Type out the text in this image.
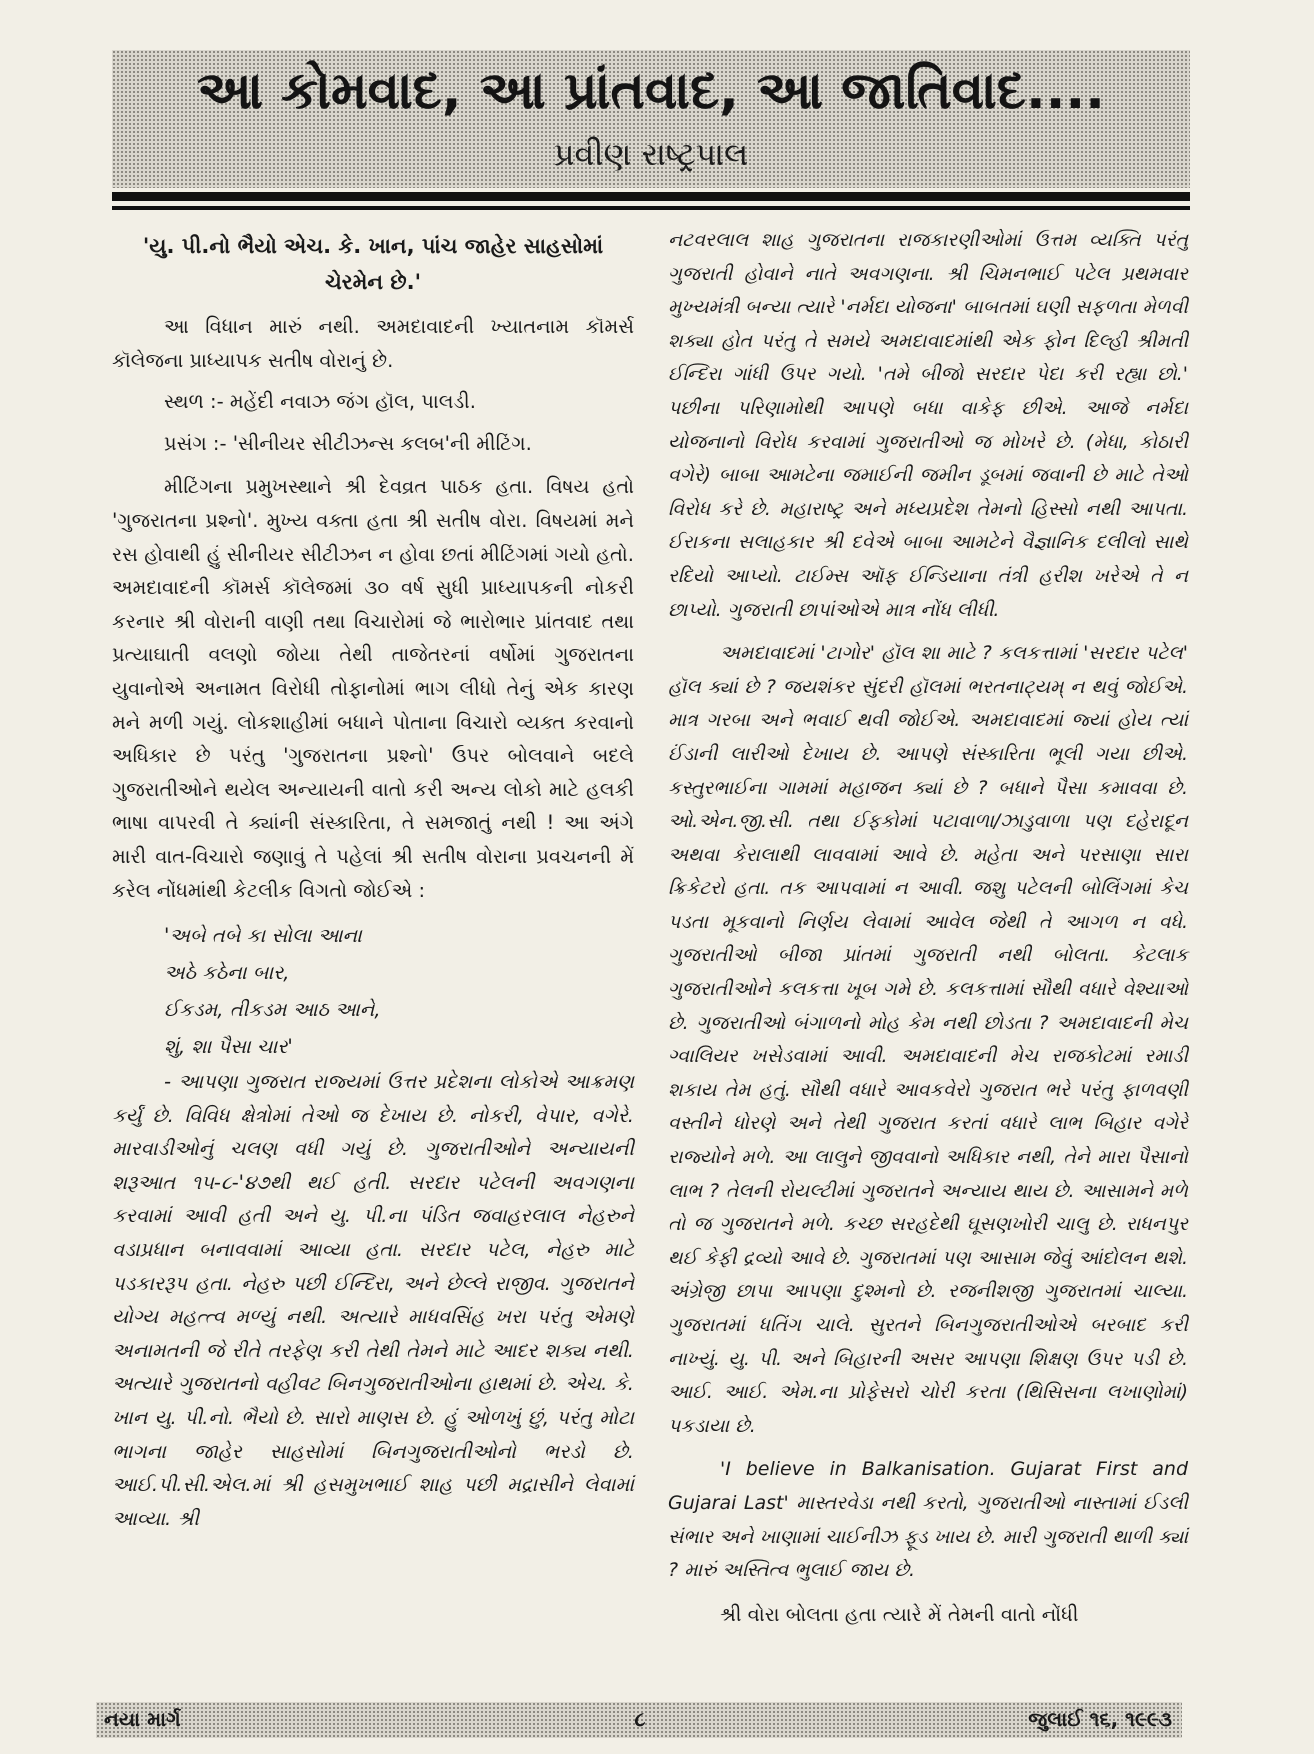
આ કોમવાદ, આ પ્રાંતવાદ, આ જાતિવાદ....
પ્રવીણ રાષ્ટ્રપાલ

'યુ. પી.નો ભૈયો એચ. કે. ખાન, પાંચ જાહેર સાહસોમાં ચેરમેન છે.'

આ વિધાન મારું નથી. અમદાવાદની ખ્યાતનામ કૉમર્સ કૉલેજના પ્રાધ્યાપક સતીષ વોરાનું છે.

સ્થળ :- મહેંદી નવાઝ જંગ હૉલ, પાલડી.

પ્રસંગ :- 'સીનીયર સીટીઝન્સ કલબ'ની મીટિંગ.

મીટિંગના પ્રમુખસ્થાને શ્રી દેવવ્રત પાઠક હતા. વિષય હતો 'ગુજરાતના પ્રશ્નો'. મુખ્ય વક્તા હતા શ્રી સતીષ વોરા. વિષયમાં મને રસ હોવાથી હું સીનીયર સીટીઝન ન હોવા છતાં મીટિંગમાં ગયો હતો. અમદાવાદની કૉમર્સ કૉલેજમાં ૩૦ વર્ષ સુધી પ્રાધ્યાપકની નોકરી કરનાર શ્રી વોરાની વાણી તથા વિચારોમાં જે ભારોભાર પ્રાંતવાદ તથા પ્રત્યાઘાતી વલણો જોયા તેથી તાજેતરનાં વર્ષોમાં ગુજરાતના યુવાનોએ અનામત વિરોધી તોફાનોમાં ભાગ લીધો તેનું એક કારણ મને મળી ગયું. લોકશાહીમાં બધાને પોતાના વિચારો વ્યક્ત કરવાનો અધિકાર છે પરંતુ 'ગુજરાતના પ્રશ્નો' ઉપર બોલવાને બદલે ગુજરાતીઓને થયેલ અન્યાયની વાતો કરી અન્ય લોકો માટે હલકી ભાષા વાપરવી તે ક્યાંની સંસ્કારિતા, તે સમજાતું નથી ! આ અંગે મારી વાત-વિચારો જણાવું તે પહેલાં શ્રી સતીષ વોરાના પ્રવચનની મેં કરેલ નોંધમાંથી કેટલીક વિગતો જોઈએ :

'અબે તબે કા સોલા આના
અઠે કઠેના બાર,
ઈકડમ, તીકડમ આઠ આને,
શું, શા પૈસા ચાર'

- આપણા ગુજરાત રાજ્યમાં ઉત્તર પ્રદેશના લોકોએ આક્રમણ કર્યું છે. વિવિધ ક્ષેત્રોમાં તેઓ જ દેખાય છે. નોકરી, વેપાર, વગેરે. મારવાડીઓનું ચલણ વધી ગયું છે. ગુજરાતીઓને અન્યાયની શરૂઆત ૧૫-૮-'૪૭થી થઈ હતી. સરદાર પટેલની અવગણના કરવામાં આવી હતી અને યુ. પી.ના પંડિત જવાહરલાલ નેહરુને વડાપ્રધાન બનાવવામાં આવ્યા હતા. સરદાર પટેલ, નેહરુ માટે પડકારરૂપ હતા. નેહરુ પછી ઈન્દિરા, અને છેલ્લે રાજીવ. ગુજરાતને યોગ્ય મહત્ત્વ મળ્યું નથી. અત્યારે માધવસિંહ ખરા પરંતુ એમણે અનામતની જે રીતે તરફેણ કરી તેથી તેમને માટે આદર શક્ય નથી. અત્યારે ગુજરાતનો વહીવટ બિનગુજરાતીઓના હાથમાં છે. એચ. કે. ખાન યુ. પી.નો. ભૈયો છે. સારો માણસ છે. હું ઓળખું છું, પરંતુ મોટા ભાગના જાહેર સાહસોમાં બિનગુજરાતીઓનો ભરડો છે. આઈ.પી.સી.એલ.માં શ્રી હસમુખભાઈ શાહ પછી મદ્રાસીને લેવામાં આવ્યા. શ્રી

નટવરલાલ શાહ ગુજરાતના રાજકારણીઓમાં ઉત્તમ વ્યક્તિ પરંતુ ગુજરાતી હોવાને નાતે અવગણના. શ્રી ચિમનભાઈ પટેલ પ્રથમવાર મુખ્યમંત્રી બન્યા ત્યારે 'નર્મદા યોજના' બાબતમાં ઘણી સફળતા મેળવી શક્યા હોત પરંતુ તે સમયે અમદાવાદમાંથી એક ફોન દિલ્હી શ્રીમતી ઈન્દિરા ગાંધી ઉપર ગયો. 'તમે બીજો સરદાર પેદા કરી રહ્યા છો.' પછીના પરિણામોથી આપણે બધા વાકેફ છીએ. આજે નર્મદા યોજનાનો વિરોધ કરવામાં ગુજરાતીઓ જ મોખરે છે. (મેધા, કોઠારી વગેરે) બાબા આમટેના જમાઈની જમીન ડૂબમાં જવાની છે માટે તેઓ વિરોધ કરે છે. મહારાષ્ટ્ર અને મધ્યપ્રદેશ તેમનો હિસ્સો નથી આપતા. ઈરાકના સલાહકાર શ્રી દવેએ બાબા આમટેને વૈજ્ઞાનિક દલીલો સાથે રદિયો આપ્યો. ટાઈમ્સ ઑફ ઈન્ડિયાના તંત્રી હરીશ ખરેએ તે ન છાપ્યો. ગુજરાતી છાપાંઓએ માત્ર નોંધ લીધી.

અમદાવાદમાં 'ટાગોર' હૉલ શા માટે ? કલકત્તામાં 'સરદાર પટેલ' હૉલ ક્યાં છે ? જયશંકર સુંદરી હૉલમાં ભરતનાટ્યમ્ ન થવું જોઈએ. માત્ર ગરબા અને ભવાઈ થવી જોઈએ. અમદાવાદમાં જ્યાં હોય ત્યાં ઈંડાની લારીઓ દેખાય છે. આપણે સંસ્કારિતા ભૂલી ગયા છીએ. કસ્તુરભાઈના ગામમાં મહાજન ક્યાં છે ? બધાને પૈસા કમાવવા છે. ઓ.એન.જી.સી. તથા ઈફકોમાં પટાવાળા/ઝાડુવાળા પણ દહેરાદૂન અથવા કેરાલાથી લાવવામાં આવે છે. મહેતા અને પરસાણા સારા ક્રિકેટરો હતા. તક આપવામાં ન આવી. જશુ પટેલની બોલિંગમાં કેચ પડતા મૂકવાનો નિર્ણય લેવામાં આવેલ જેથી તે આગળ ન વધે. ગુજરાતીઓ બીજા પ્રાંતમાં ગુજરાતી નથી બોલતા. કેટલાક ગુજરાતીઓને કલકત્તા ખૂબ ગમે છે. કલકત્તામાં સૌથી વધારે વેશ્યાઓ છે. ગુજરાતીઓ બંગાળનો મોહ કેમ નથી છોડતા ? અમદાવાદની મેચ ગ્વાલિયર ખસેડવામાં આવી. અમદાવાદની મેચ રાજકોટમાં રમાડી શકાય તેમ હતું. સૌથી વધારે આવકવેરો ગુજરાત ભરે પરંતુ ફાળવણી વસ્તીને ધોરણે અને તેથી ગુજરાત કરતાં વધારે લાભ બિહાર વગેરે રાજ્યોને મળે. આ લાલુને જીવવાનો અધિકાર નથી, તેને મારા પૈસાનો લાભ ? તેલની રોયલ્ટીમાં ગુજરાતને અન્યાય થાય છે. આસામને મળે તો જ ગુજરાતને મળે. કચ્છ સરહદેથી ઘૂસણખોરી ચાલુ છે. રાધનપુર થઈ કેફી દ્રવ્યો આવે છે. ગુજરાતમાં પણ આસામ જેવું આંદોલન થશે. અંગ્રેજી છાપા આપણા દુશ્મનો છે. રજનીશજી ગુજરાતમાં ચાલ્યા. ગુજરાતમાં ધતિંગ ચાલે. સુરતને બિનગુજરાતીઓએ બરબાદ કરી નાખ્યું. યુ. પી. અને બિહારની અસર આપણા શિક્ષણ ઉપર પડી છે. આઈ. આઈ. એમ.ના પ્રોફેસરો ચોરી કરતા (થિસિસના લખાણોમાં) પકડાયા છે.

'I believe in Balkanisation. Gujarat First and Gujarai Last' માસ્તરવેડા નથી કરતો, ગુજરાતીઓ નાસ્તામાં ઈડલી સંભાર અને ખાણામાં ચાઈનીઝ ફૂડ ખાય છે. મારી ગુજરાતી થાળી ક્યાં ? મારું અસ્તિત્વ ભુલાઈ જાય છે.

શ્રી વોરા બોલતા હતા ત્યારે મેં તેમની વાતો નોંધી

નયા માર્ગ	૮	જુલાઈ ૧૬, ૧૯૯૩
